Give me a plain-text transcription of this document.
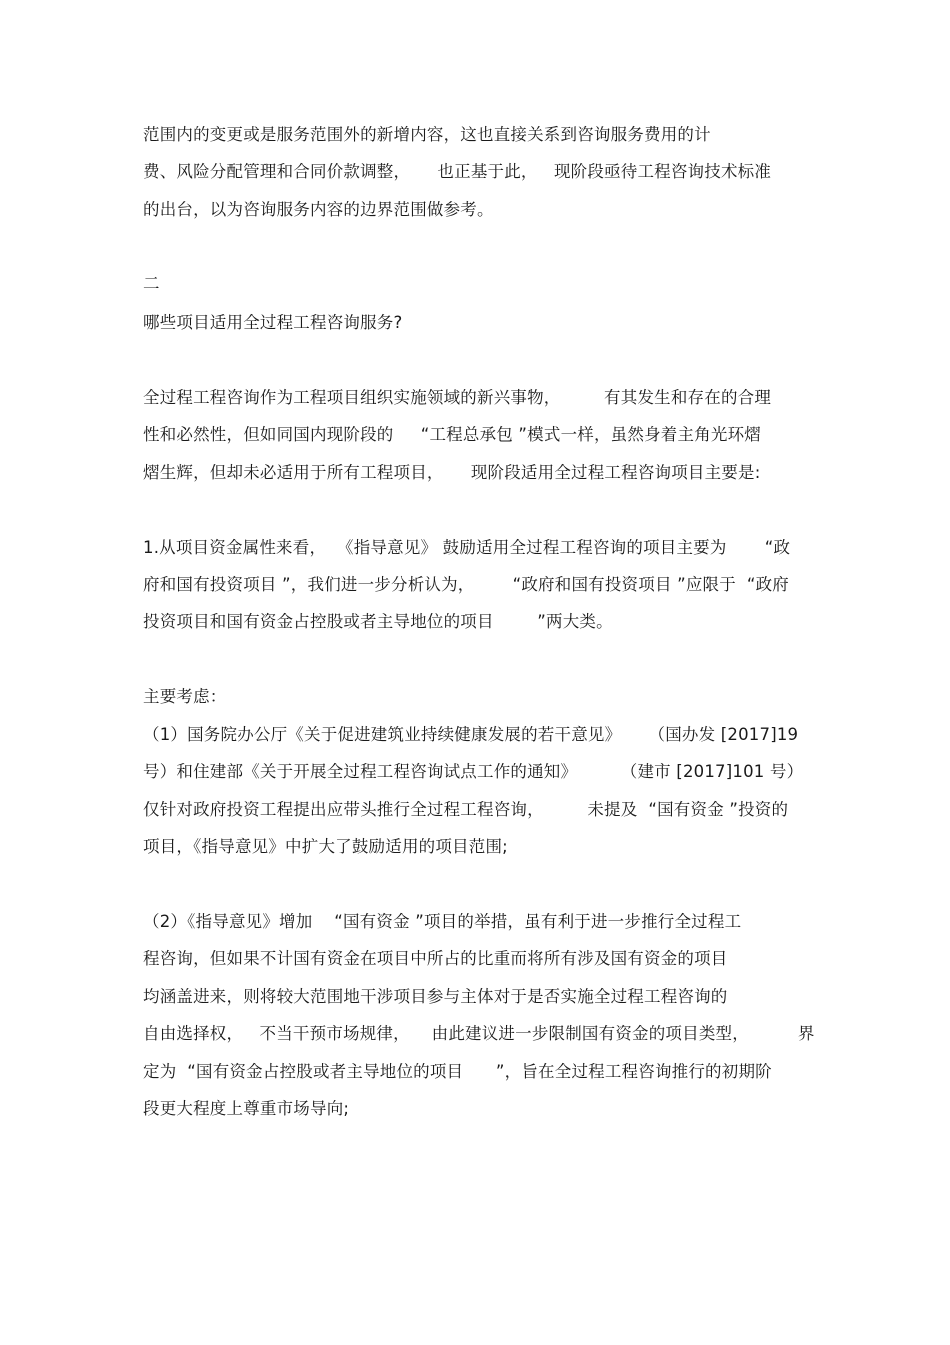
范围内的变更或是服务范围外的新增内容，这也直接关系到咨询服务费用的计
费、风险分配管理和合同价款调整，     也正基于此，   现阶段亟待工程咨询技术标准
的出台，以为咨询服务内容的边界范围做参考。
二
哪些项目适用全过程工程咨询服务?
全过程工程咨询作为工程项目组织实施领域的新兴事物，        有其发生和存在的合理
性和必然性，但如同国内现阶段的     “工程总承包 ”模式一样，虽然身着主角光环熠
熠生辉，但却未必适用于所有工程项目，     现阶段适用全过程工程咨询项目主要是:
1.从项目资金属性来看，  《指导意见》 鼓励适用全过程工程咨询的项目主要为       “政
府和国有投资项目 ”，我们进一步分析认为，       “政府和国有投资项目 ”应限于  “政府
投资项目和国有资金占控股或者主导地位的项目        ”两大类。
主要考虑：
（1）国务院办公厅《关于促进建筑业持续健康发展的若干意见》     （国办发 [2017]19
号）和住建部《关于开展全过程工程咨询试点工作的通知》        （建市 [2017]101 号）
仅针对政府投资工程提出应带头推行全过程工程咨询，        未提及  “国有资金 ”投资的
项目，《指导意见》中扩大了鼓励适用的项目范围;
（2）《指导意见》增加    “国有资金 ”项目的举措，虽有利于进一步推行全过程工
程咨询，但如果不计国有资金在项目中所占的比重而将所有涉及国有资金的项目
均涵盖进来，则将较大范围地干涉项目参与主体对于是否实施全过程工程咨询的
自由选择权，   不当干预市场规律，    由此建议进一步限制国有资金的项目类型，         界
定为  “国有资金占控股或者主导地位的项目      ”，旨在全过程工程咨询推行的初期阶
段更大程度上尊重市场导向;
